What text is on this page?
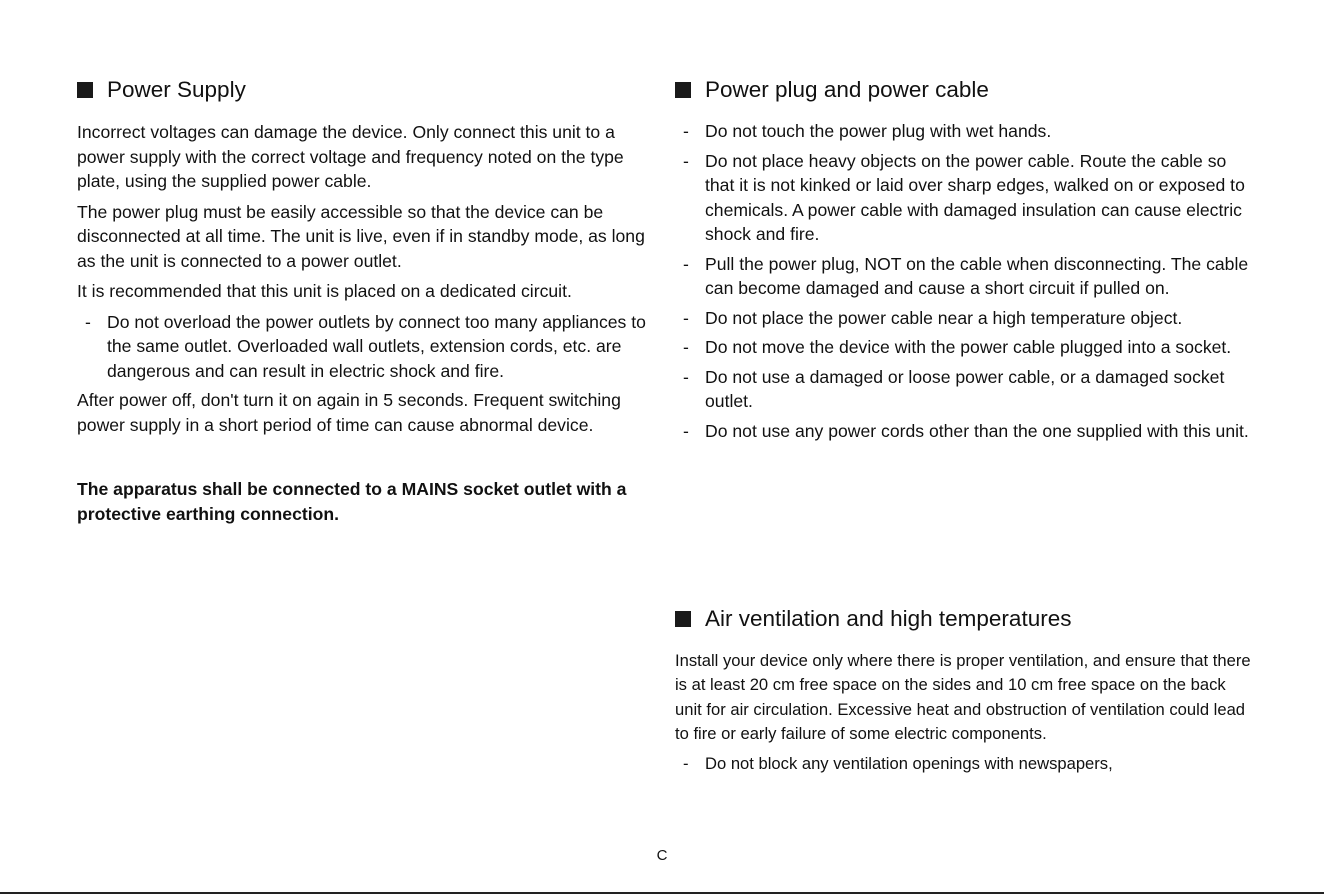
Power Supply

Incorrect voltages can damage the device. Only connect this unit to a power supply with the correct voltage and frequency noted on the type plate, using the supplied power cable.

The power plug must be easily accessible so that the device can be disconnected at all time. The unit is live, even if in standby mode, as long as the unit is connected to a power outlet.

It is recommended that this unit is placed on a dedicated circuit.

- Do not overload the power outlets by connect too many appliances to the same outlet. Overloaded wall outlets, extension cords, etc. are dangerous and can result in electric shock and fire.

After power off, don't turn it on again in 5 seconds. Frequent switching power supply in a short period of time can cause abnormal device.

The apparatus shall be connected to a MAINS socket outlet with a protective earthing connection.

Power plug and power cable
- Do not touch the power plug with wet hands.
- Do not place heavy objects on the power cable. Route the cable so that it is not kinked or laid over sharp edges, walked on or exposed to chemicals. A power cable with damaged insulation can cause electric shock and fire.
- Pull the power plug, NOT on the cable when disconnecting. The cable can become damaged and cause a short circuit if pulled on.
- Do not place the power cable near a high temperature object.
- Do not move the device with the power cable plugged into a socket.
- Do not use a damaged or loose power cable, or a damaged socket outlet.
- Do not use any power cords other than the one supplied with this unit.
Air ventilation and high temperatures

Install your device only where there is proper ventilation, and ensure that there is at least 20 cm free space on the sides and 10 cm free space on the back unit for air circulation. Excessive heat and obstruction of ventilation could lead to fire or early failure of some electric components.

- Do not block any ventilation openings with newspapers,
C
